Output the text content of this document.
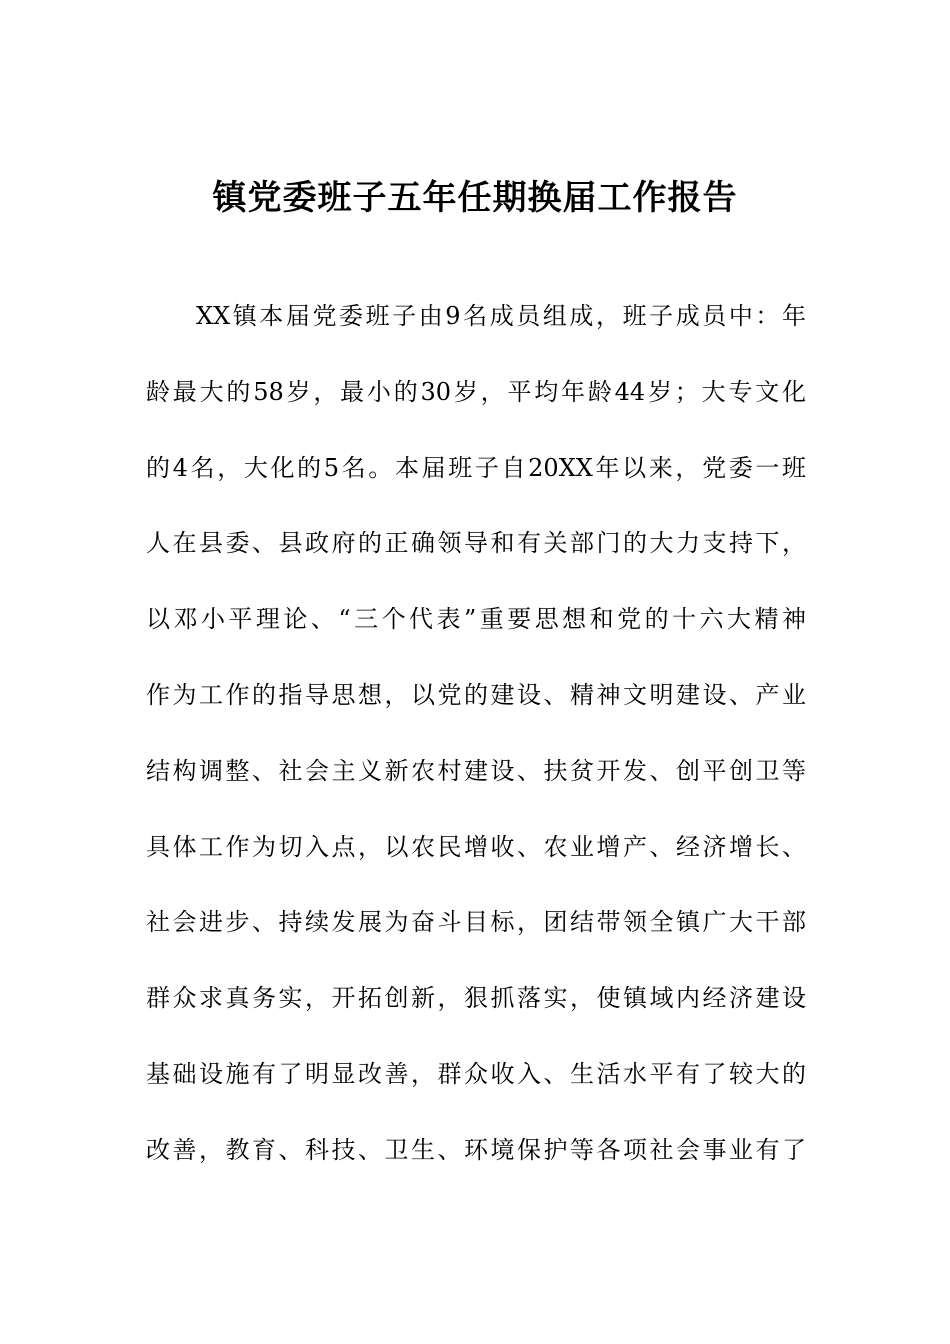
镇党委班子五年任期换届工作报告
XX镇本届党委班子由9名成员组成，班子成员中：年
龄最大的58岁，最小的30岁，平均年龄44岁；大专文化
的4名，大化的5名。本届班子自20XX年以来，党委一班
人在县委、县政府的正确领导和有关部门的大力支持下，
以邓小平理论、“三个代表”重要思想和党的十六大精神
作为工作的指导思想，以党的建设、精神文明建设、产业
结构调整、社会主义新农村建设、扶贫开发、创平创卫等
具体工作为切入点，以农民增收、农业增产、经济增长、
社会进步、持续发展为奋斗目标，团结带领全镇广大干部
群众求真务实，开拓创新，狠抓落实，使镇域内经济建设
基础设施有了明显改善，群众收入、生活水平有了较大的
改善，教育、科技、卫生、环境保护等各项社会事业有了
